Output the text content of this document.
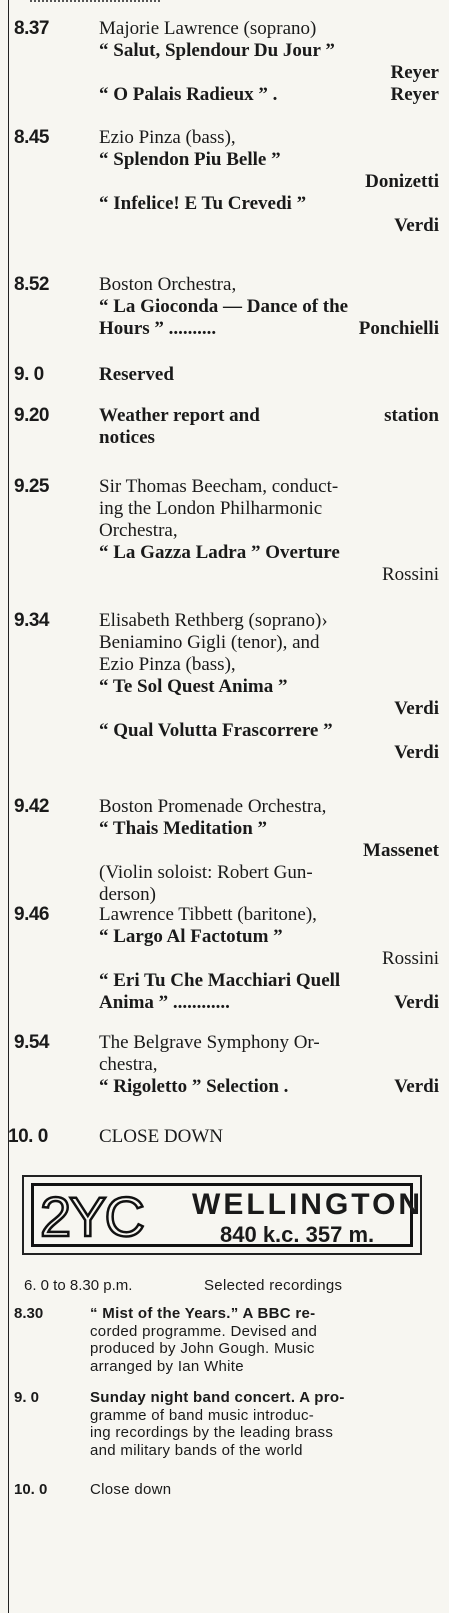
8.37	Majorie Lawrence (soprano)
“ Salut, Splendour Du Jour ”
Reyer
“ O Palais Radieux ” .	Reyer
8.45	Ezio Pinza (bass),
“ Splendon Piu Belle ”
Donizetti
“ Infelice! E Tu Crevedi ”
Verdi
8.52	Boston Orchestra,
“ La Gioconda — Dance of the
Hours ” ..........	Ponchielli
9. 0	Reserved
9.20	Weather report and	station
notices
9.25	Sir Thomas Beecham, conduct-
ing the London Philharmonic
Orchestra,
“ La Gazza Ladra ” Overture
Rossini
9.34	Elisabeth Rethberg (soprano)›
Beniamino Gigli (tenor), and
Ezio Pinza (bass),
“ Te Sol Quest Anima ”
Verdi
“ Qual Volutta Frascorrere ”
Verdi
9.42	Boston Promenade Orchestra,
“ Thais Meditation ”
Massenet
(Violin soloist: Robert Gun-
derson)
9.46	Lawrence Tibbett (baritone),
“ Largo Al Factotum ”
Rossini
“ Eri Tu Che Macchiari Quell
Anima ” ............	Verdi
9.54	The Belgrave Symphony Or-
chestra,
“ Rigoletto ” Selection .	Verdi
10. 0	CLOSE DOWN
2YC WELLINGTON
840 k.c. 357 m.
6. 0 to 8.30 p.m.	Selected recordings
8.30	“ Mist of the Years.” A BBC re-
corded programme. Devised and
produced by John Gough. Music
arranged by Ian White
9. 0	Sunday night band concert. A pro-
gramme of band music introduc-
ing recordings by the leading brass
and military bands of the world
10. 0	Close down
